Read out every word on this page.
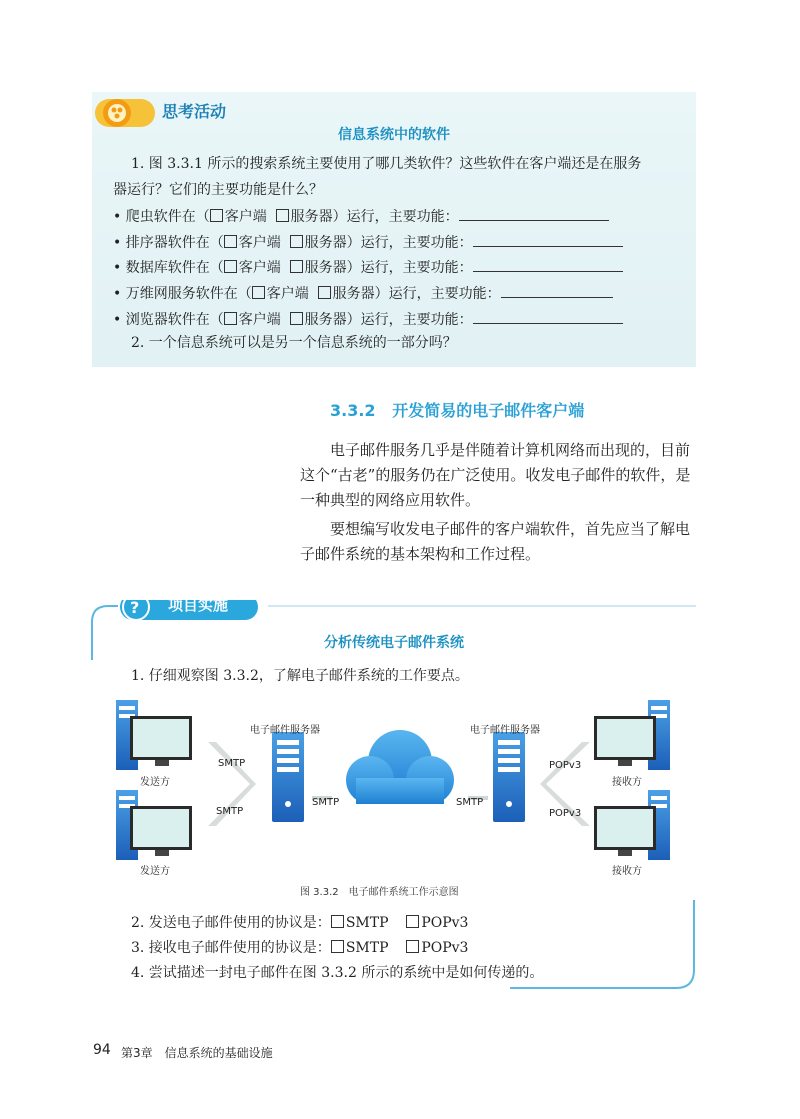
思考活动
信息系统中的软件
1. 图 3.3.1 所示的搜索系统主要使用了哪几类软件？这些软件在客户端还是在服务
器运行？它们的主要功能是什么？
• 爬虫软件在（ 客户端 服务器）运行，主要功能：
• 排序器软件在（ 客户端 服务器）运行，主要功能：
• 数据库软件在（ 客户端 服务器）运行，主要功能：
• 万维网服务软件在（ 客户端 服务器）运行，主要功能：
• 浏览器软件在（ 客户端 服务器）运行，主要功能：
2. 一个信息系统可以是另一个信息系统的一部分吗？
3.3.2 开发简易的电子邮件客户端
电子邮件服务几乎是伴随着计算机网络而出现的，目前这个“古老”的服务仍在广泛使用。收发电子邮件的软件，是一种典型的网络应用软件。
要想编写收发电子邮件的客户端软件，首先应当了解电子邮件系统的基本架构和工作过程。
? 项目实施
分析传统电子邮件系统
1. 仔细观察图 3.3.2，了解电子邮件系统的工作要点。
电子邮件服务器	电子邮件服务器
发送方
发送方
接收方
接收方
SMTP
SMTP
SMTP	SMTP
POPv3
POPv3
图 3.3.2　电子邮件系统工作示意图
2. 发送电子邮件使用的协议是： SMTP POPv3
3. 接收电子邮件使用的协议是： SMTP POPv3
4. 尝试描述一封电子邮件在图 3.3.2 所示的系统中是如何传递的。
94 第3章　信息系统的基础设施
